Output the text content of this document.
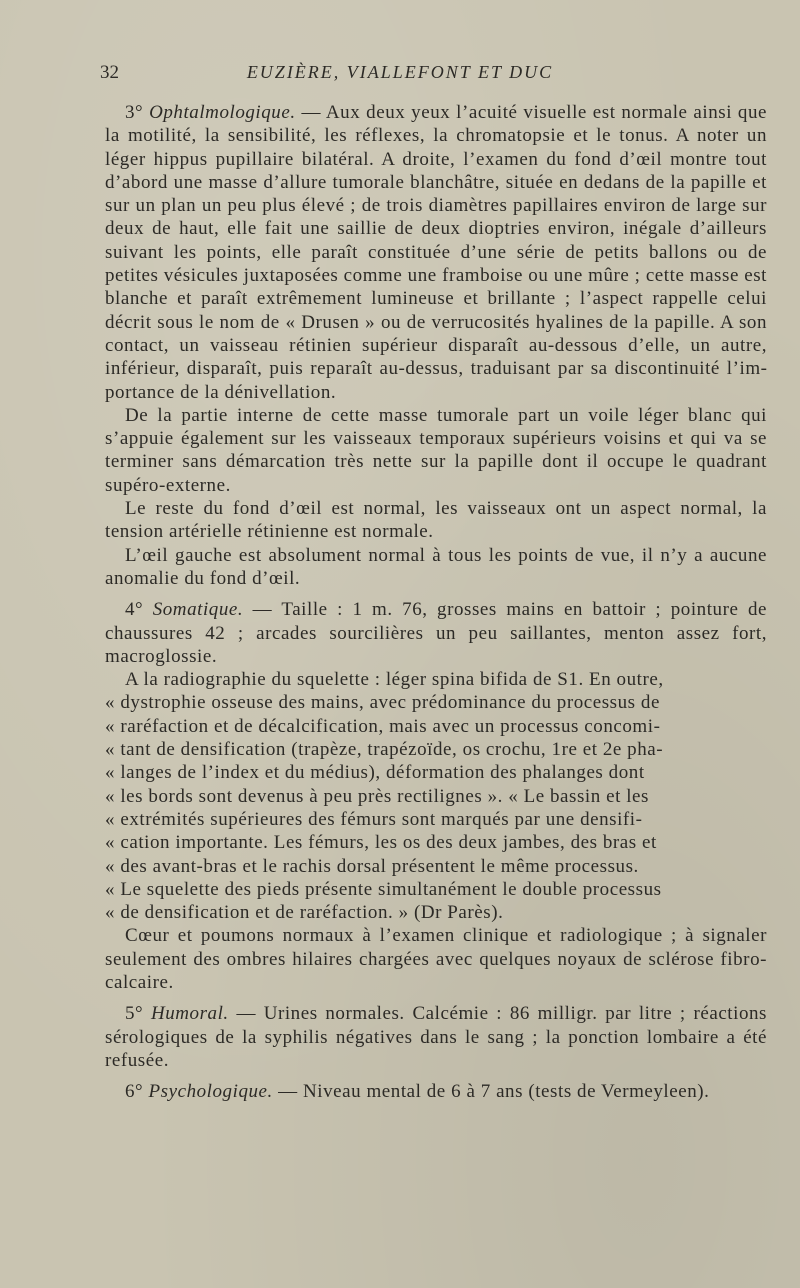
32	EUZIÈRE, VIALLEFONT ET DUC

3° Ophtalmologique. — Aux deux yeux l’acuité visuelle est normale ainsi que la motilité, la sensibilité, les réflexes, la chromatopsie et le tonus. A noter un léger hippus pupillaire bilatéral. A droite, l’examen du fond d’œil montre tout d’abord une masse d’allure tumorale blanchâtre, située en dedans de la papille et sur un plan un peu plus élevé ; de trois diamètres papillaires environ de large sur deux de haut, elle fait une saillie de deux dioptries environ, inégale d’ailleurs suivant les points, elle paraît constituée d’une série de petits ballons ou de petites vésicules juxtaposées comme une framboise ou une mûre ; cette masse est blanche et paraît extrêmement lumineuse et brillante ; l’aspect rappelle celui décrit sous le nom de « Drusen » ou de verrucosités hyalines de la papille. A son contact, un vaisseau rétinien supérieur disparaît au-dessous d’elle, un autre, inférieur, disparaît, puis reparaît au-dessus, traduisant par sa discontinuité l’importance de la dénivellation.

De la partie interne de cette masse tumorale part un voile léger blanc qui s’appuie également sur les vaisseaux temporaux supérieurs voisins et qui va se terminer sans démarcation très nette sur la papille dont il occupe le quadrant supéro-externe.

Le reste du fond d’œil est normal, les vaisseaux ont un aspect normal, la tension artérielle rétinienne est normale.

L’œil gauche est absolument normal à tous les points de vue, il n’y a aucune anomalie du fond d’œil.

4° Somatique. — Taille : 1 m. 76, grosses mains en battoir ; pointure de chaussures 42 ; arcades sourcilières un peu saillantes, menton assez fort, macroglossie.

A la radiographie du squelette : léger spina bifida de S1. En outre,

« dystrophie osseuse des mains, avec prédominance du processus de

« raréfaction et de décalcification, mais avec un processus concomi-

« tant de densification (trapèze, trapézoïde, os crochu, 1re et 2e pha-

« langes de l’index et du médius), déformation des phalanges dont

« les bords sont devenus à peu près rectilignes ». « Le bassin et les

« extrémités supérieures des fémurs sont marqués par une densifi-

« cation importante. Les fémurs, les os des deux jambes, des bras et

« des avant-bras et le rachis dorsal présentent le même processus.

« Le squelette des pieds présente simultanément le double processus

« de densification et de raréfaction. » (Dr Parès).

Cœur et poumons normaux à l’examen clinique et radiologique ; à signaler seulement des ombres hilaires chargées avec quelques noyaux de sclérose fibro-calcaire.

5° Humoral. — Urines normales. Calcémie : 86 milligr. par litre ; réactions sérologiques de la syphilis négatives dans le sang ; la ponction lombaire a été refusée.

6° Psychologique. — Niveau mental de 6 à 7 ans (tests de Vermeyleen).
